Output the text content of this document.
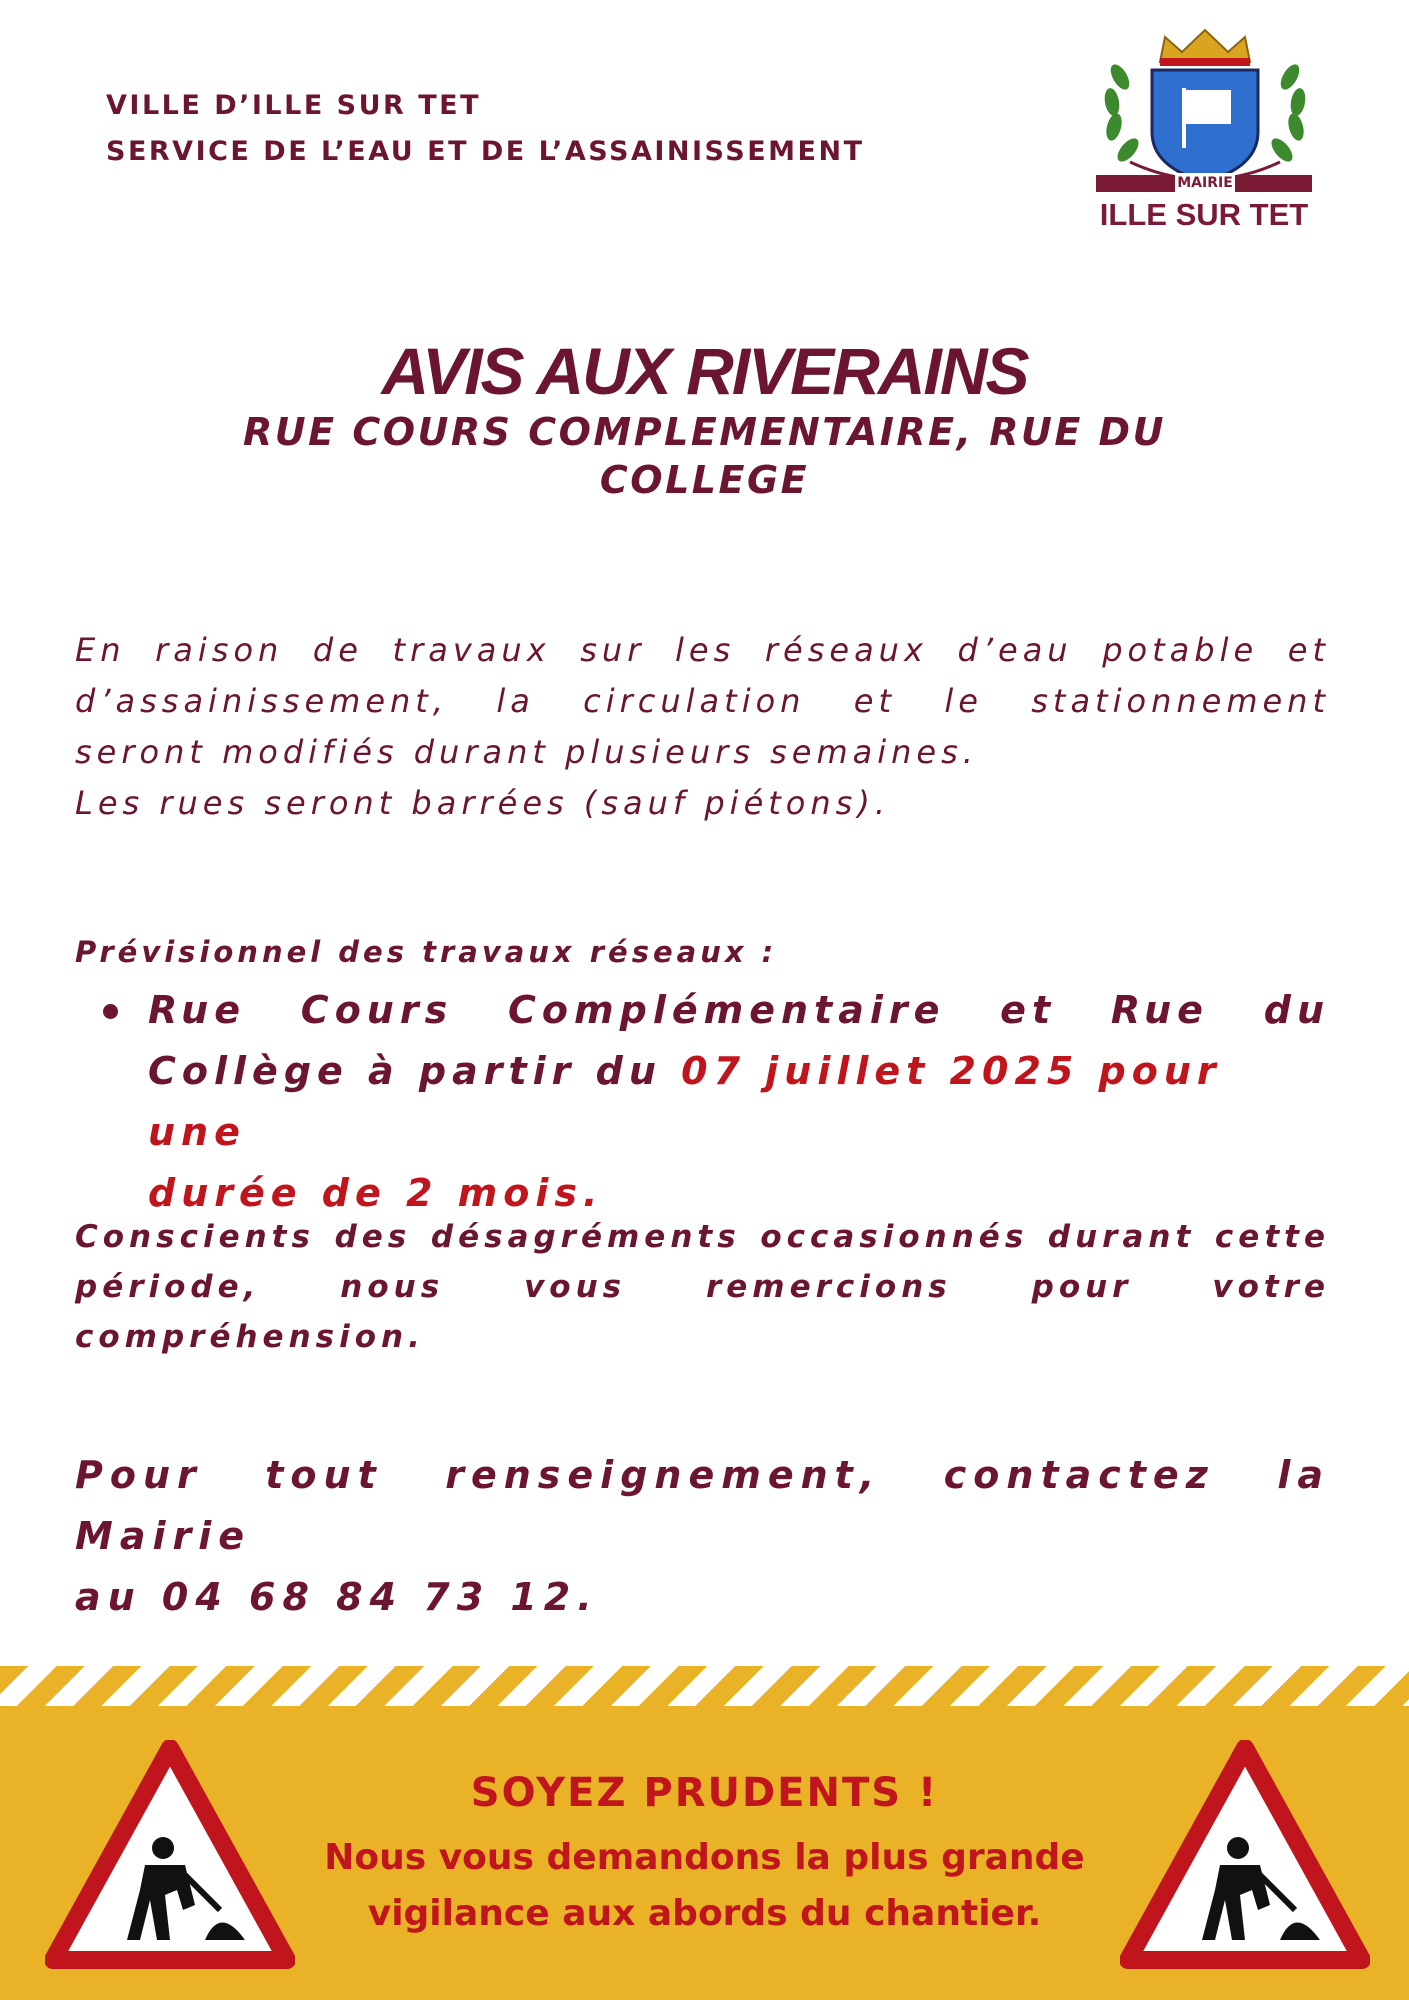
VILLE D’ILLE SUR TET
SERVICE DE L’EAU ET DE L’ASSAINISSEMENT
MAIRIE
ILLE SUR TET
AVIS AUX RIVERAINS
RUE COURS COMPLEMENTAIRE, RUE DU COLLEGE
En raison de travaux sur les réseaux d’eau potable et
d’assainissement, la circulation et le stationnement
seront modifiés durant plusieurs semaines.
Les rues seront barrées (sauf piétons).
Prévisionnel des travaux réseaux :
Rue Cours Complémentaire et Rue du
Collège à partir du 07 juillet 2025 pour une
durée de 2 mois.
Conscients des désagréments occasionnés durant cette
période, nous vous remercions pour votre
compréhension.
Pour tout renseignement, contactez la Mairie
au 04 68 84 73 12.
SOYEZ PRUDENTS !
Nous vous demandons la plus grande
vigilance aux abords du chantier.
